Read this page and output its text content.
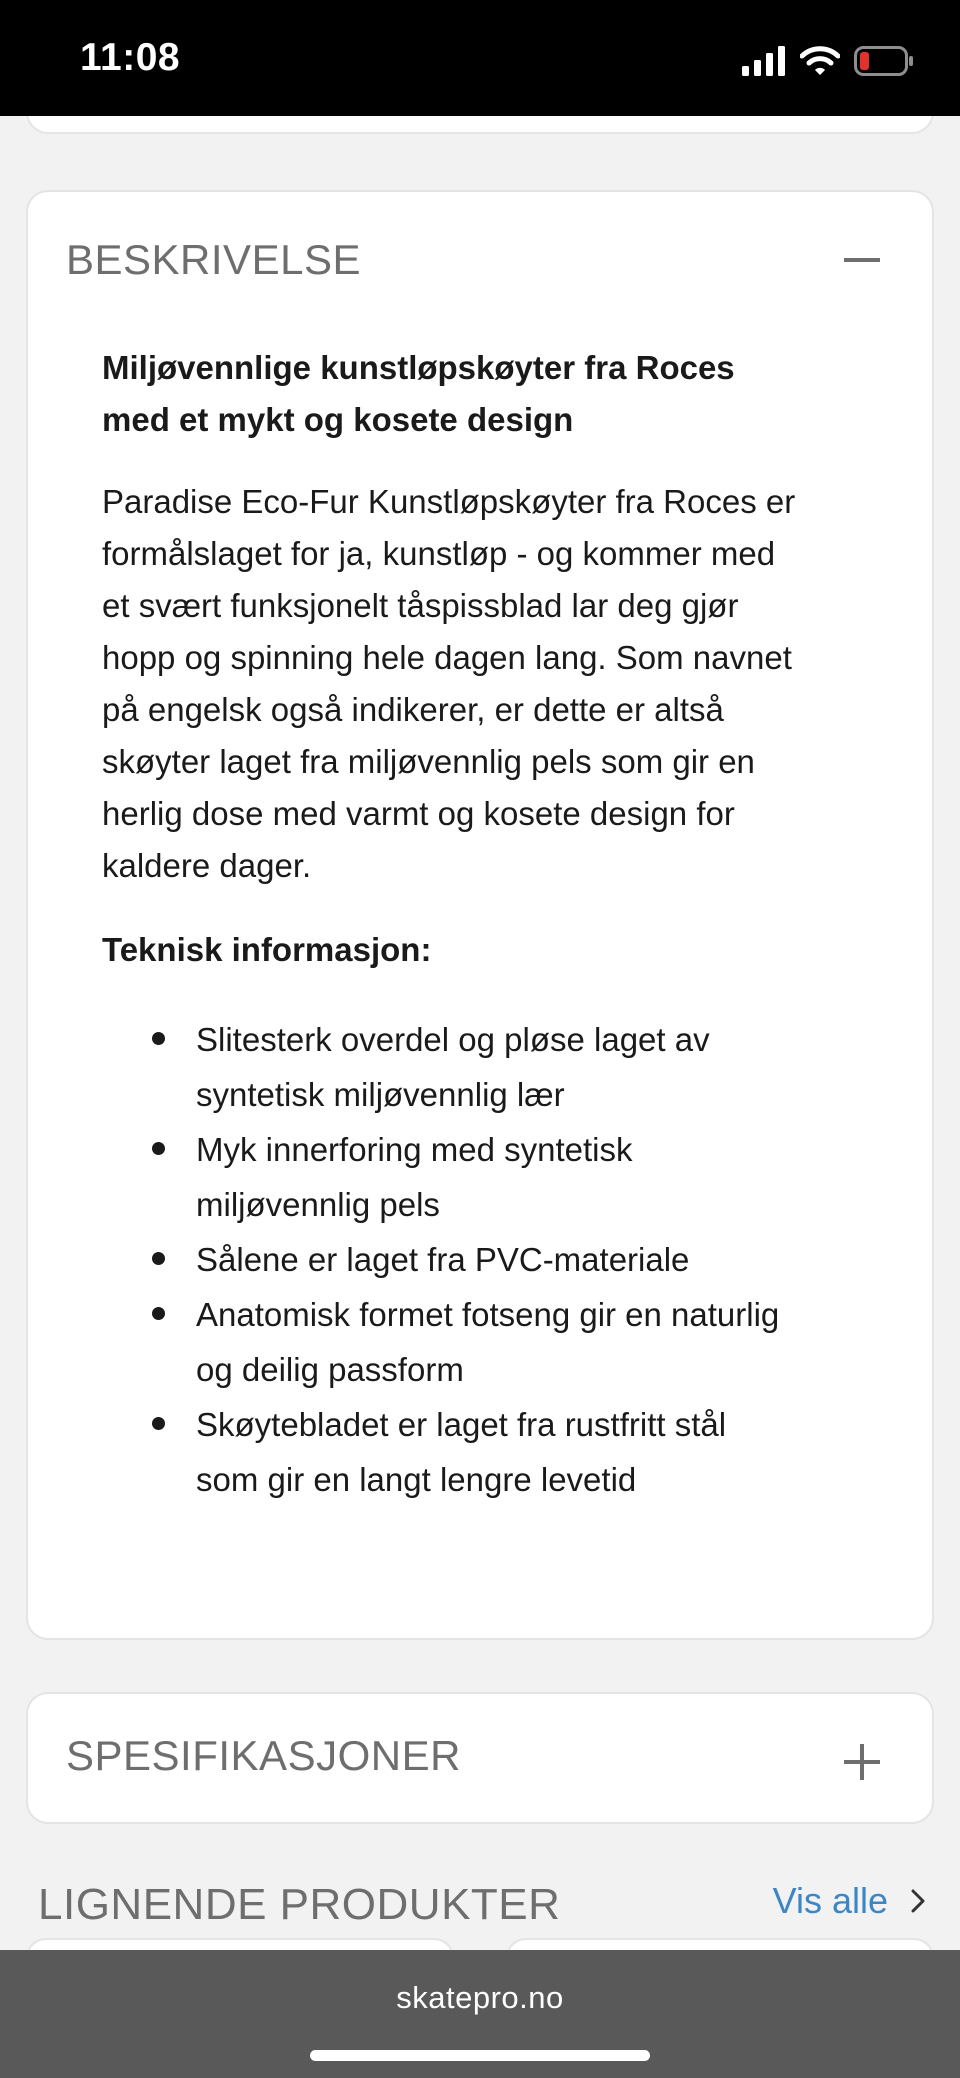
11:08
BESKRIVELSE
Miljøvennlige kunstløpskøyter fra Roces
med et mykt og kosete design
Paradise Eco-Fur Kunstløpskøyter fra Roces er
formålslaget for ja, kunstløp - og kommer med
et svært funksjonelt tåspissblad lar deg gjør
hopp og spinning hele dagen lang. Som navnet
på engelsk også indikerer, er dette er altså
skøyter laget fra miljøvennlig pels som gir en
herlig dose med varmt og kosete design for
kaldere dager.
Teknisk informasjon:
Slitesterk overdel og pløse laget av
syntetisk miljøvennlig lær
Myk innerforing med syntetisk
miljøvennlig pels
Sålene er laget fra PVC-materiale
Anatomisk formet fotseng gir en naturlig
og deilig passform
Skøytebladet er laget fra rustfritt stål
som gir en langt lengre levetid
SPESIFIKASJONER
LIGNENDE PRODUKTER	Vis alle
skatepro.no
